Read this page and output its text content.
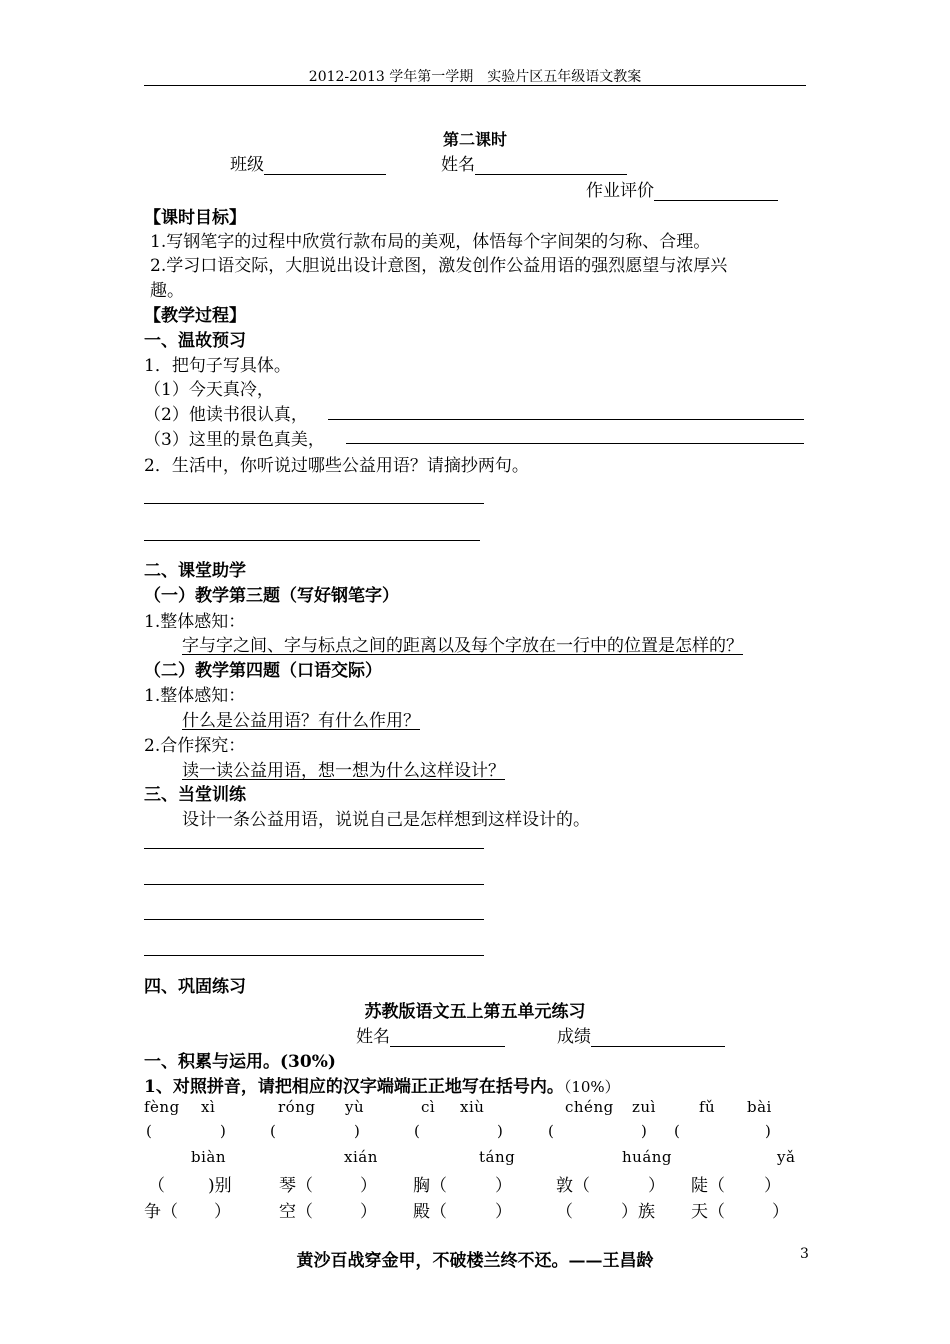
2012-2013 学年第一学期　实验片区五年级语文教案
第二课时
班级	姓名
作业评价
【课时目标】
1.写钢笔字的过程中欣赏行款布局的美观，体悟每个字间架的匀称、合理。
2.学习口语交际，大胆说出设计意图，激发创作公益用语的强烈愿望与浓厚兴
趣。
【教学过程】
一、温故预习
1．把句子写具体。
（1）今天真冷，
（2）他读书很认真，
（3）这里的景色真美，
2．生活中，你听说过哪些公益用语？请摘抄两句。
二、课堂助学
（一）教学第三题（写好钢笔字）
1.整体感知：
字与字之间、字与标点之间的距离以及每个字放在一行中的位置是怎样的？
（二）教学第四题（口语交际）
1.整体感知：
什么是公益用语？有什么作用？
2.合作探究：
读一读公益用语，想一想为什么这样设计？
三、当堂训练
设计一条公益用语，说说自己是怎样想到这样设计的。
四、巩固练习
苏教版语文五上第五单元练习
姓名	成绩
一、积累与运用。(30%)
1、对照拼音，请把相应的汉字端端正正地写在括号内。（10%）
fèng xì	róng yù	cì xiù	chéng zuì	fǔ bài
(	)	(	)	(	)	(	) (	)
biàn	xián	táng	huáng	yǎ
（	)别	琴（	） 胸（	）	敦（	） 陡（ ）
争（ ）	空（	） 殿（	）	（	）族 天（	）
黄沙百战穿金甲，不破楼兰终不还。——王昌龄	3
